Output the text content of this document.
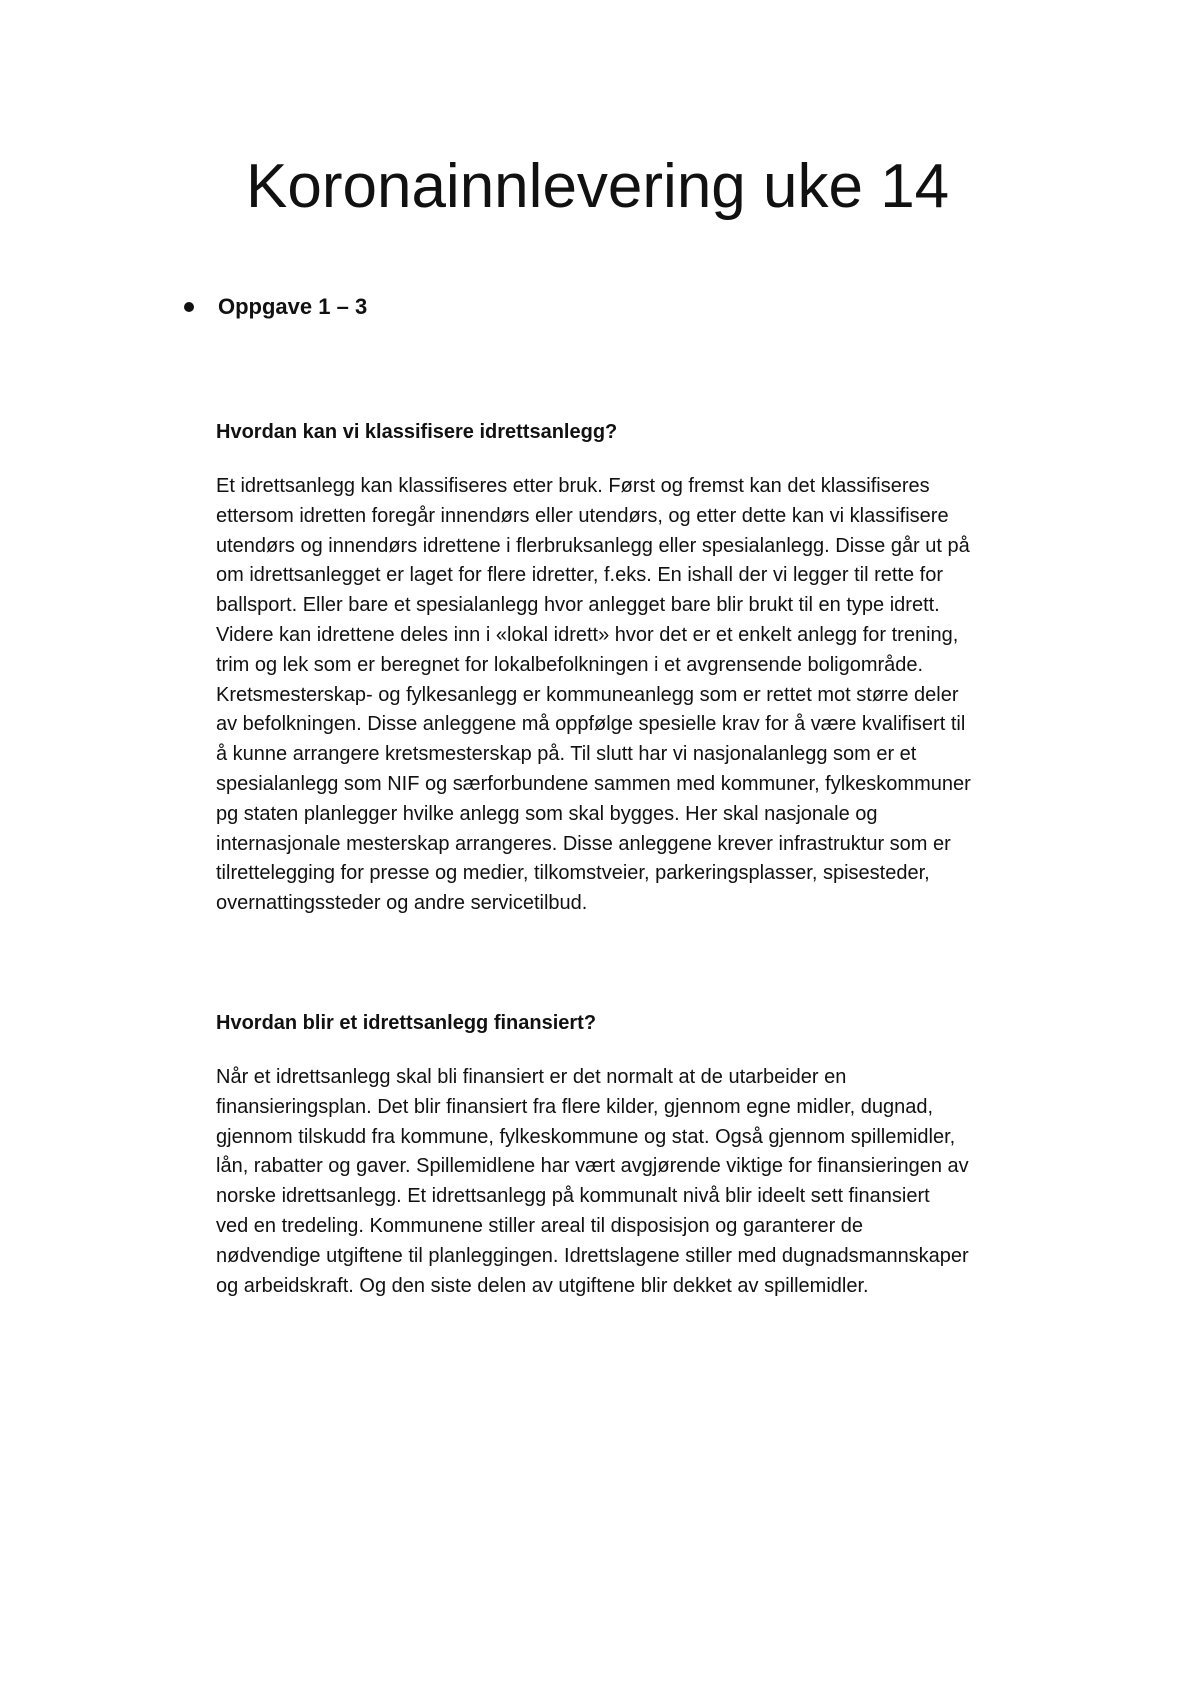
Koronainnlevering uke 14
Oppgave 1 – 3

Hvordan kan vi klassifisere idrettsanlegg?

Et idrettsanlegg kan klassifiseres etter bruk. Først og fremst kan det klassifiseres
ettersom idretten foregår innendørs eller utendørs, og etter dette kan vi klassifisere
utendørs og innendørs idrettene i flerbruksanlegg eller spesialanlegg. Disse går ut på
om idrettsanlegget er laget for flere idretter, f.eks. En ishall der vi legger til rette for
ballsport. Eller bare et spesialanlegg hvor anlegget bare blir brukt til en type idrett.
Videre kan idrettene deles inn i «lokal idrett» hvor det er et enkelt anlegg for trening,
trim og lek som er beregnet for lokalbefolkningen i et avgrensende boligområde.
Kretsmesterskap- og fylkesanlegg er kommuneanlegg som er rettet mot større deler
av befolkningen. Disse anleggene må oppfølge spesielle krav for å være kvalifisert til
å kunne arrangere kretsmesterskap på. Til slutt har vi nasjonalanlegg som er et
spesialanlegg som NIF og særforbundene sammen med kommuner, fylkeskommuner
pg staten planlegger hvilke anlegg som skal bygges. Her skal nasjonale og
internasjonale mesterskap arrangeres. Disse anleggene krever infrastruktur som er
tilrettelegging for presse og medier, tilkomstveier, parkeringsplasser, spisesteder,
overnattingssteder og andre servicetilbud.

Hvordan blir et idrettsanlegg finansiert?

Når et idrettsanlegg skal bli finansiert er det normalt at de utarbeider en
finansieringsplan. Det blir finansiert fra flere kilder, gjennom egne midler, dugnad,
gjennom tilskudd fra kommune, fylkeskommune og stat. Også gjennom spillemidler,
lån, rabatter og gaver. Spillemidlene har vært avgjørende viktige for finansieringen av
norske idrettsanlegg. Et idrettsanlegg på kommunalt nivå blir ideelt sett finansiert
ved en tredeling. Kommunene stiller areal til disposisjon og garanterer de
nødvendige utgiftene til planleggingen. Idrettslagene stiller med dugnadsmannskaper
og arbeidskraft. Og den siste delen av utgiftene blir dekket av spillemidler.
